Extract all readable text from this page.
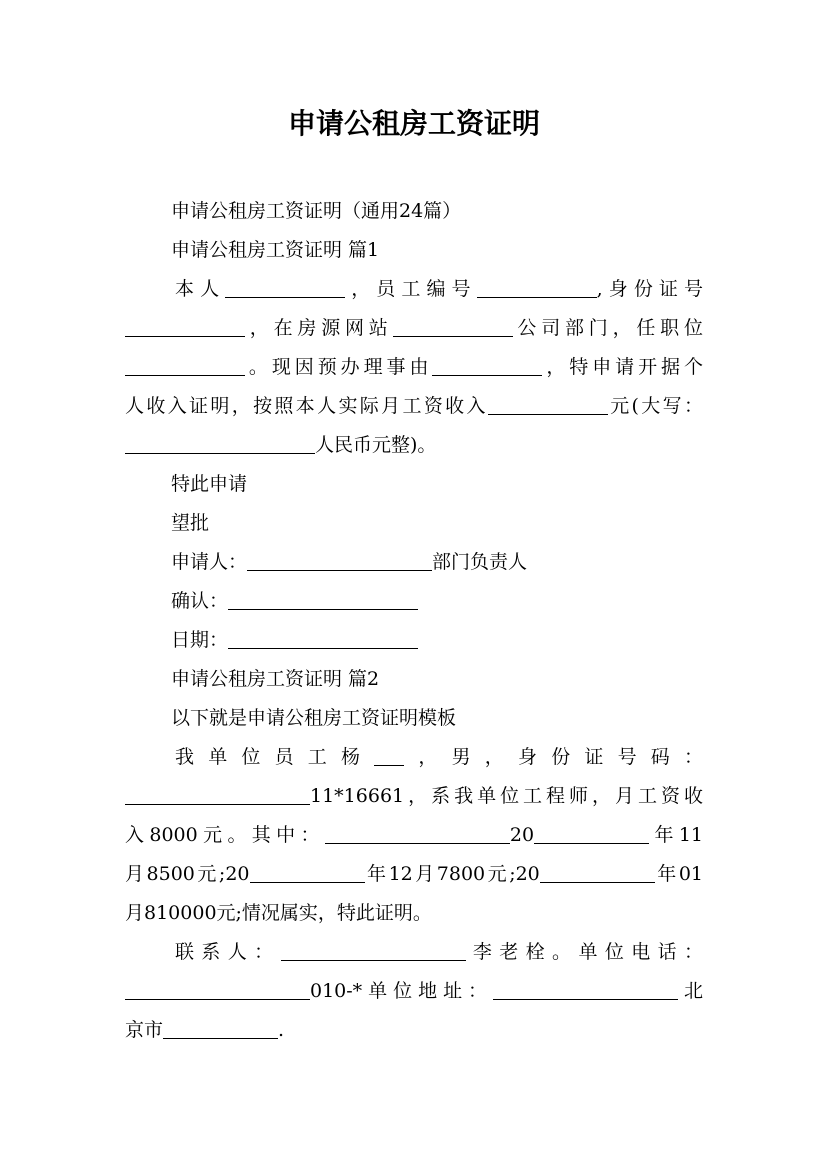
申请公租房工资证明
申请公租房工资证明（通用24篇）
申请公租房工资证明 篇1
本人	，员工编号	,身份证号
，在房源网站	公司部门，任职位
。现因预办理事由	，特申请开据个
人收入证明，按照本人实际月工资收入	元(大写：
人民币元整)。
特此申请
望批
申请人：	部门负责人
确认：
日期：
申请公租房工资证明 篇2
以下就是申请公租房工资证明模板
我单位员工杨 ，男，身份证号码：
11*16661，系我单位工程师，月工资收
入8000元。其中：	20	年11
月8500元;20	年12月7800元;20	年01
月810000元;情况属实，特此证明。
联系人：	李老栓。单位电话：
010-*单位地址：	北
京市	.
